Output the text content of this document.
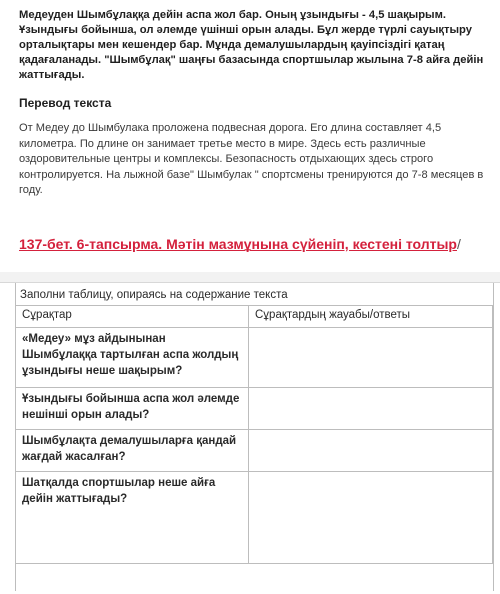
Медеуден Шымбұлаққа дейін аспа жол бар. Оның ұзындығы - 4,5 шақырым. Ұзындығы бойынша, ол әлемде үшінші орын алады. Бұл жерде түрлі сауықтыру орталықтары мен кешендер бар. Мұнда демалушылардың қауіпсіздігі қатаң қадағаланады. "Шымбұлақ" шаңғы базасында спортшылар жылына 7-8 айға дейін жаттығады.

Перевод текста

От Медеу до Шымбулака проложена подвесная дорога. Его длина составляет 4,5 километра. По длине он занимает третье место в мире. Здесь есть различные оздоровительные центры и комплексы. Безопасность отдыхающих здесь строго контролируется. На лыжной базе" Шымбулак " спортсмены тренируются до 7-8 месяцев в году.

137-бет. 6-тапсырма. Мәтін мазмұнына сүйеніп, кестені толтыр/

Заполни таблицу, опираясь на содержание текста

Сұрақтар	Сұрақтардың жауабы/ответы
«Медеу» мұз айдынынан Шымбұлаққа тартылған аспа жолдың ұзындығы неше шақырым?	
Ұзындығы бойынша аспа жол әлемде нешінші орын алады?	
Шымбұлақта демалушыларға қандай жағдай жасалған?	
Шатқалда спортшылар неше айға дейін жаттығады?	
